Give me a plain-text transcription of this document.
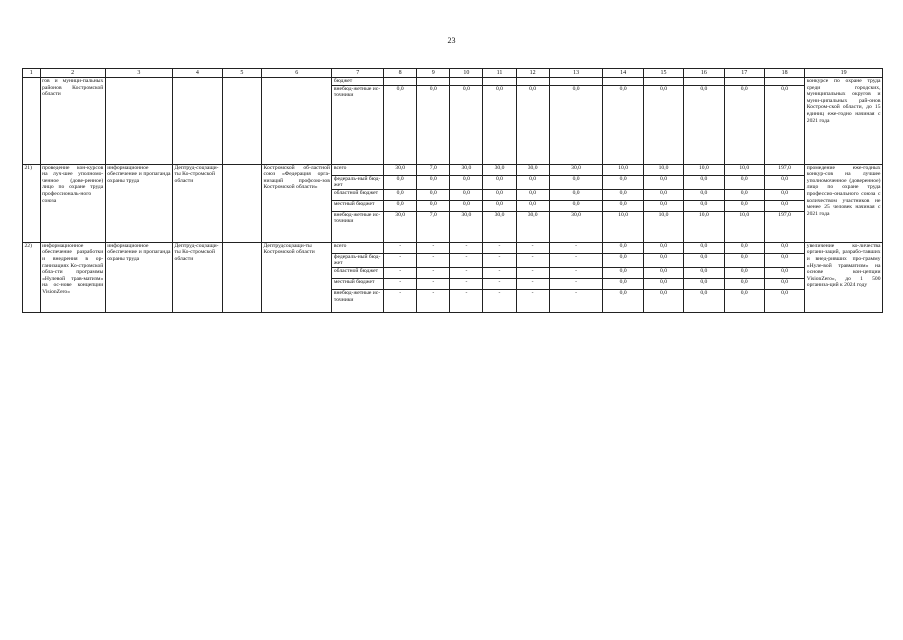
23
1	2	3	4	5	6	7	8	9	10	11	12	13	14	15	16	17	18	19
	гов и муници-пальных районов Костромской области					бюджет												конкурсе по охране труда среди городских, муниципальных округов и муни-ципальных рай-онов Костром-ской области, до 15 единиц еже-годно начиная с 2021 года
						внебюд-жетные ис-точники	0,0	0,0	0,0	0,0	0,0	0,0	0,0	0,0	0,0	0,0	0,0	
21)	проведение кон-курсов на луч-шее уполномо-ченное (дове-ренное) лицо по охране труда профессиональ-ного союза	информационное обеспечение и пропаганда охраны труда	Дептруд-соцзащи-ты Ко-стромской области		Костромской об-ластной союз «Федерация орга-низаций профсою-зов Костромской области»	всего	30,0	7,0	30,0	30,0	30,0	30,0	10,0	10,0	10,0	10,0	197,0	промедение еже-годных конкур-сов на лучшее уполномоченное (доверенное) лицо по охране труда профессио-онального союза с количеством участников не менее 25 человек начиная с 2021 года
						федераль-ный бюд-жет	0,0	0,0	0,0	0,0	0,0	0,0	0,0	0,0	0,0	0,0	0,0	
						областной бюджет	0,0	0,0	0,0	0,0	0,0	0,0	0,0	0,0	0,0	0,0	0,0	
						местный бюджет	0,0	0,0	0,0	0,0	0,0	0,0	0,0	0,0	0,0	0,0	0,0	
						внебюд-жетные ис-точники	30,0	7,0	30,0	30,0	30,0	30,0	10,0	10,0	10,0	10,0	197,0	
22)	информационное обеспечение разработки и внедрения в ор-ганизациях Ко-стромской обла-сти программы «Нулевой трав-матизм» на ос-нове концепции VisionZero»	информационное обеспечение и пропаганда охраны труда	Дептруд-соцзащи-ты Ко-стромской области		Дептрудсоцзащи-ты Костромской области	всего	-	-	-	-	-	-	0,0	0,0	0,0	0,0	0,0	увеличение ко-личества органи-заций, разрабо-тавших и внед-ривших про-грамму «Нуле-вой травматизм» на основе кон-цепции VisionZero», до 1 500 организа-ций к 2024 году
						федераль-ный бюд-жет	-	-	-	-	-	-	0,0	0,0	0,0	0,0	0,0	
						областной бюджет	-	-	-	-	-	-	0,0	0,0	0,0	0,0	0,0	
						местный бюджет	-	-	-	-	-	-	0,0	0,0	0,0	0,0	0,0	
						внебюд-жетные ис-точники	-	-	-	-	-	-	0,0	0,0	0,0	0,0	0,0	
